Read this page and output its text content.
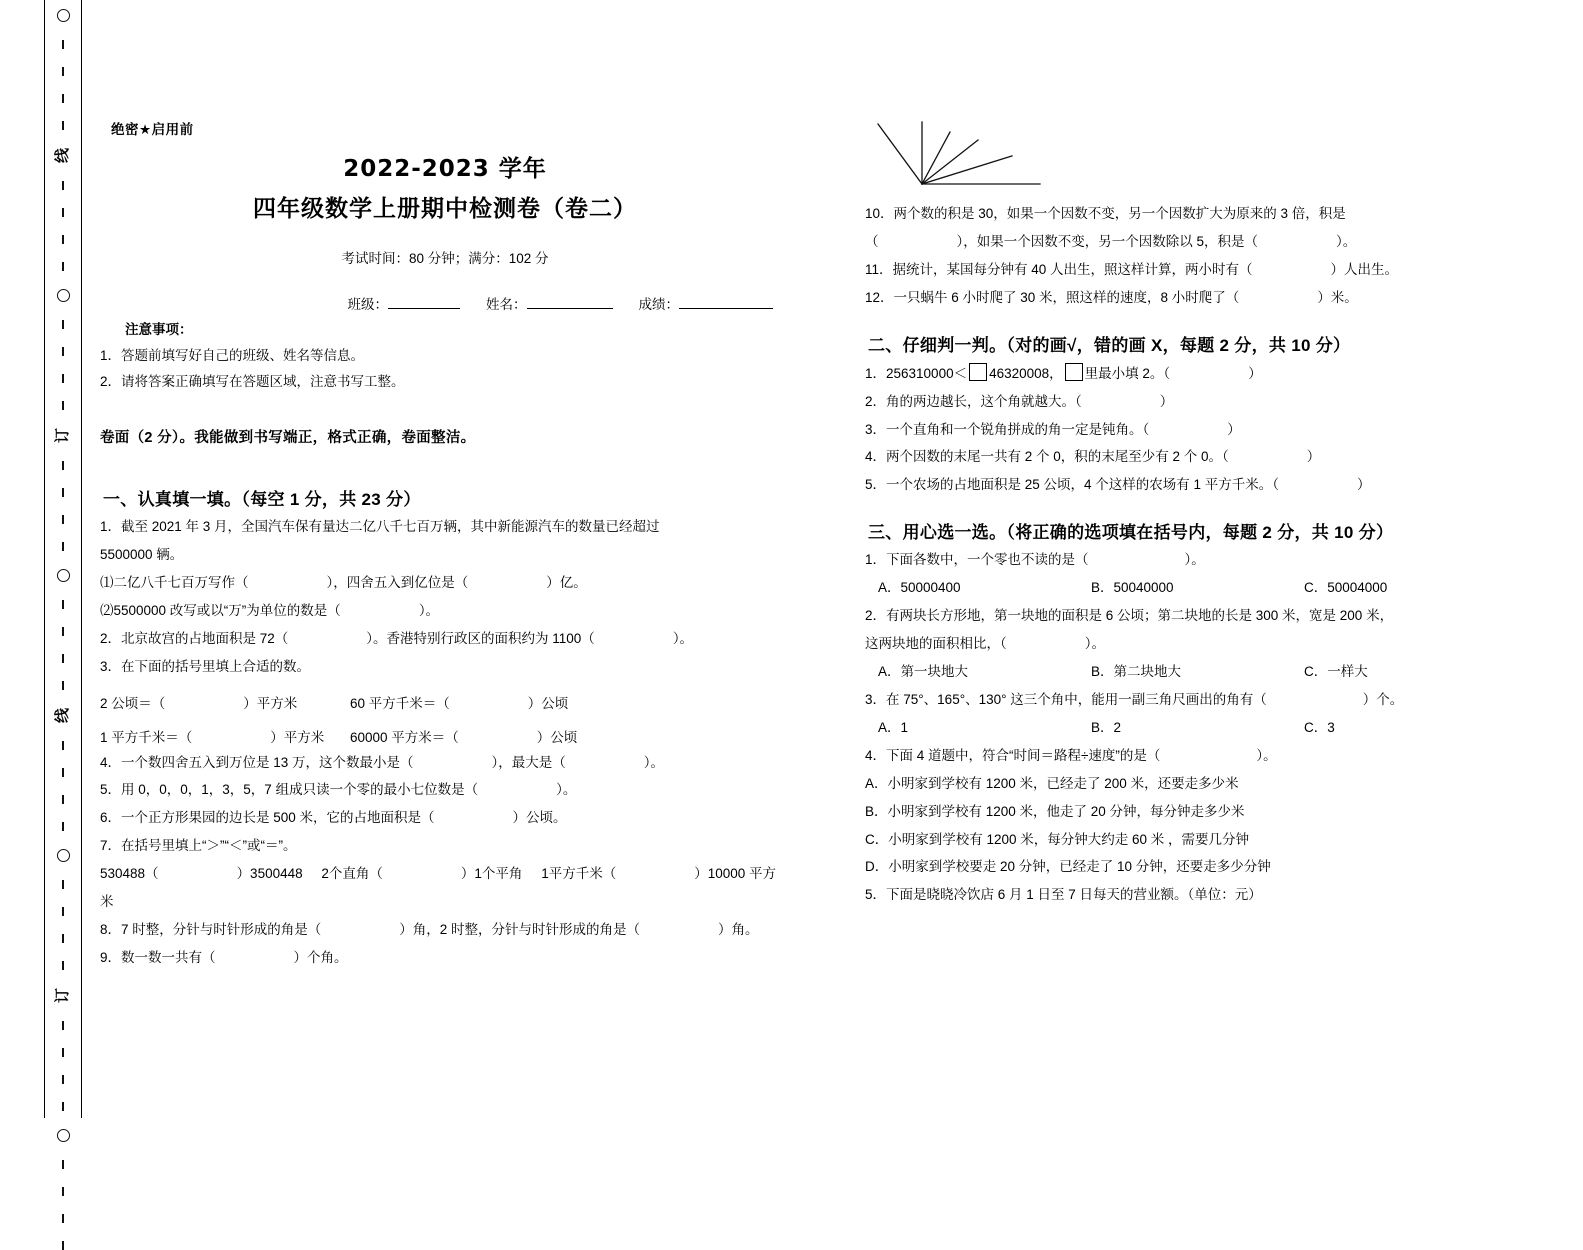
线
订
线
订
绝密★启用前
2022-2023 学年
四年级数学上册期中检测卷（卷二）
考试时间：80 分钟；满分：102 分
班级：	姓名：	成绩：
注意事项：
1．答题前填写好自己的班级、姓名等信息。
2．请将答案正确填写在答题区域，注意书写工整。
卷面（2 分）。我能做到书写端正，格式正确，卷面整洁。
一、认真填一填。（每空 1 分，共 23 分）
1．截至 2021 年 3 月，全国汽车保有量达二亿八千七百万辆，其中新能源汽车的数量已经超过
5500000 辆。
⑴二亿八千七百万写作（	），四舍五入到亿位是（	）亿。
⑵5500000 改写或以“万”为单位的数是（	）。
2．北京故宫的占地面积是 72（	）。香港特别行政区的面积约为 1100（	）。
3．在下面的括号里填上合适的数。
2 公顷＝（	）平方米	60 平方千米＝（	）公顷
1 平方千米＝（	）平方米	60000 平方米＝（	）公顷
4．一个数四舍五入到万位是 13 万，这个数最小是（	），最大是（	）。
5．用 0，0，0，1，3，5，7 组成只读一个零的最小七位数是（	）。
6．一个正方形果园的边长是 500 米，它的占地面积是（	）公顷。
7．在括号里填上“＞”“＜”或“＝”。
530488（	）3500448 2个直角（	）1个平角 1平方千米（	）10000 平方
米
8．7 时整，分针与时针形成的角是（	）角，2 时整，分针与时针形成的角是（	）角。
9．数一数一共有（	）个角。
10．两个数的积是 30，如果一个因数不变，另一个因数扩大为原来的 3 倍，积是
（	），如果一个因数不变，另一个因数除以 5，积是（	）。
11．据统计，某国每分钟有 40 人出生，照这样计算，两小时有（	）人出生。
12．一只蜗牛 6 小时爬了 30 米，照这样的速度，8 小时爬了（	）米。
二、仔细判一判。（对的画√，错的画 X，每题 2 分，共 10 分）
1．256310000＜ 46320008， 里最小填 2。（	）
2．角的两边越长，这个角就越大。（	）
3．一个直角和一个锐角拼成的角一定是钝角。（	）
4．两个因数的末尾一共有 2 个 0，积的末尾至少有 2 个 0。（	）
5．一个农场的占地面积是 25 公顷，4 个这样的农场有 1 平方千米。（	）
三、用心选一选。（将正确的选项填在括号内，每题 2 分，共 10 分）
1．下面各数中，一个零也不读的是（	）。
A．50000400	B．50040000	C．50004000
2．有两块长方形地，第一块地的面积是 6 公顷；第二块地的长是 300 米，宽是 200 米，
这两块地的面积相比，（	）。
A．第一块地大	B．第二块地大	C．一样大
3．在 75°、165°、130° 这三个角中，能用一副三角尺画出的角有（	）个。
A．1	B．2	C．3
4．下面 4 道题中，符合“时间＝路程÷速度”的是（	）。
A．小明家到学校有 1200 米，已经走了 200 米，还要走多少米
B．小明家到学校有 1200 米，他走了 20 分钟，每分钟走多少米
C．小明家到学校有 1200 米，每分钟大约走 60 米 ，需要几分钟
D．小明家到学校要走 20 分钟，已经走了 10 分钟，还要走多少分钟
5．下面是晓晓冷饮店 6 月 1 日至 7 日每天的营业额。（单位：元）
